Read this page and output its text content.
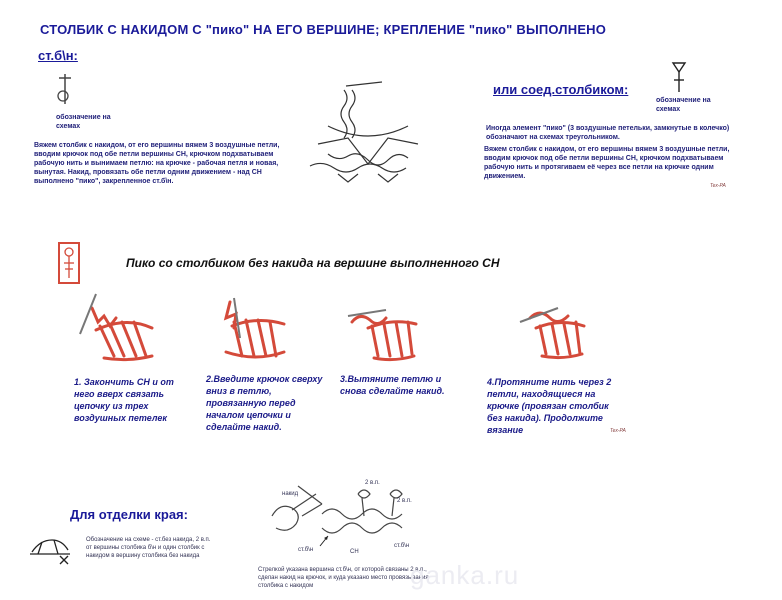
СТОЛБИК С НАКИДОМ С "пико" НА ЕГО ВЕРШИНЕ; КРЕПЛЕНИЕ "пико" ВЫПОЛНЕНО
ст.б\н:
обозначение на схемах
Вяжем столбик с накидом, от его вершины вяжем 3 воздушные петли, вводим крючок под обе петли вершины СН, крючком подхватываем рабочую нить и вынимаем петлю: на крючке - рабочая петля и новая, вынутая. Накид, провязать обе петли одним движением - над СН выполнено "пико", закрепленное ст.б\н.
или соед.столбиком:
обозначение на схемах
Иногда элемент "пико" (3 воздушные петельки, замкнутые в колечко) обозначают на схемах треугольником.
Вяжем столбик с накидом, от его вершины вяжем 3 воздушные петли, вводим крючок под обе петли вершины СН, крючком подхватываем рабочую нить и протягиваем её через все петли на крючке одним движением.
Tex-PA
Пико со столбиком без накида на вершине выполненного СН
1. Закончить СН и от него вверх связать цепочку из трех воздушных петелек
2.Введите крючок сверху вниз в петлю, провязанную перед началом цепочки и сделайте накид.
3.Вытяните петлю и снова сделайте накид.
4.Протяните нить через 2 петли, находящиеся на крючке (провязан столбик без накида). Продолжите вязание	Tex-PA
Для отделки края:
Обозначение на схеме - ст.без накида, 2 в.п. от вершины столбика б\н и один столбик с накидом в вершину столбика без накида
накид
2 в.п.
2 в.п.
ст.б\н	СН
ст.б\н
Стрелкой указана вершина ст.б\н, от которой связаны 2 в.п., сделан накид на крючок, и куда указано место провязывания столбика с накидом	ganka.ru
